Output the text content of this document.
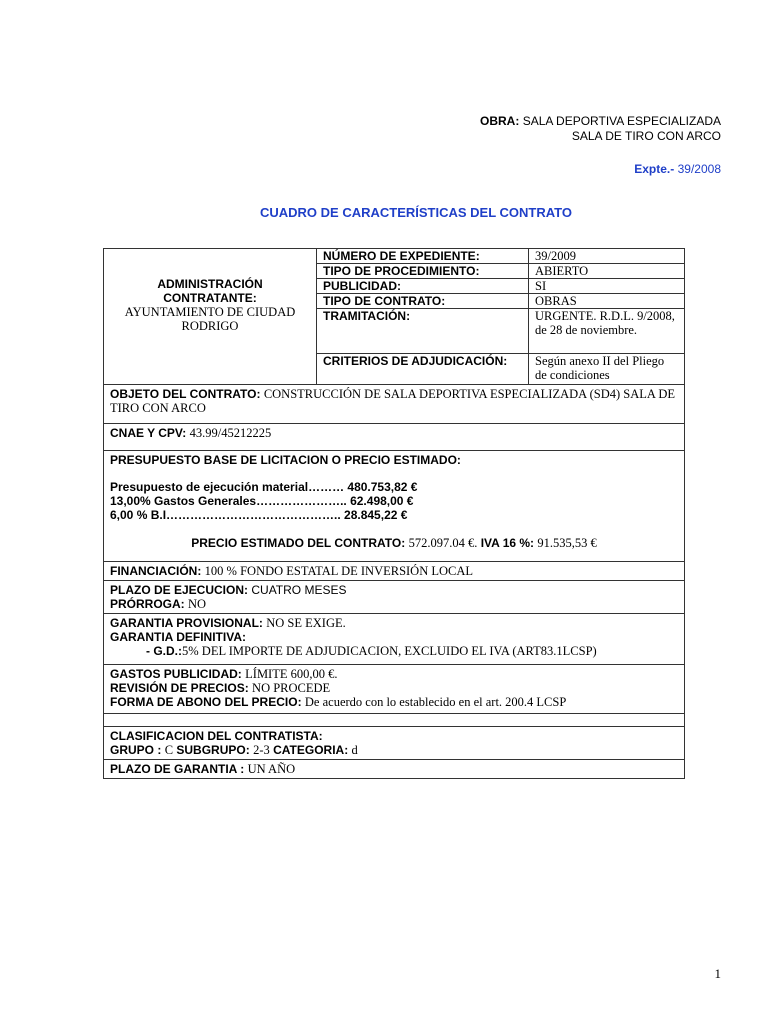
OBRA: SALA DEPORTIVA ESPECIALIZADA
SALA DE TIRO CON ARCO
Expte.- 39/2008
CUADRO DE CARACTERÍSTICAS DEL CONTRATO
ADMINISTRACIÓN
CONTRATANTE:
AYUNTAMIENTO DE CIUDAD RODRIGO	NÚMERO DE EXPEDIENTE:	39/2009
	TIPO DE PROCEDIMIENTO:	ABIERTO
	PUBLICIDAD:	SI
	TIPO DE CONTRATO:	OBRAS
	TRAMITACIÓN:	URGENTE. R.D.L. 9/2008, de 28 de noviembre.
	CRITERIOS DE ADJUDICACIÓN:	Según anexo II del Pliego de condiciones
OBJETO DEL CONTRATO: CONSTRUCCIÓN DE SALA DEPORTIVA ESPECIALIZADA (SD4) SALA DE TIRO CON ARCO		
CNAE Y CPV: 43.99/45212225		

PRESUPUESTO BASE DE LICITACION O PRECIO ESTIMADO:
Presupuesto de ejecución material……… 480.753,82 €
13,00% Gastos Generales………………….. 62.498,00 €
6,00 % B.I…………………………………….. 28.845,22 €
PRECIO ESTIMADO DEL CONTRATO: 572.097.04 €. IVA 16 %: 91.535,53 €		

FINANCIACIÓN: 100 % FONDO ESTATAL DE INVERSIÓN LOCAL		

PLAZO DE EJECUCION: CUATRO MESES
PRÓRROGA: NO		

GARANTIA PROVISIONAL: NO SE EXIGE.
GARANTIA DEFINITIVA:
- G.D.:5% DEL IMPORTE DE ADJUDICACION, EXCLUIDO EL IVA (ART83.1LCSP)		

GASTOS PUBLICIDAD: LÍMITE 600,00 €.
REVISIÓN DE PRECIOS: NO PROCEDE
FORMA DE ABONO DEL PRECIO: De acuerdo con lo establecido en el art. 200.4 LCSP		

CLASIFICACION DEL CONTRATISTA:
GRUPO : C SUBGRUPO: 2-3 CATEGORIA: d		

PLAZO DE GARANTIA : UN AÑO		
1
